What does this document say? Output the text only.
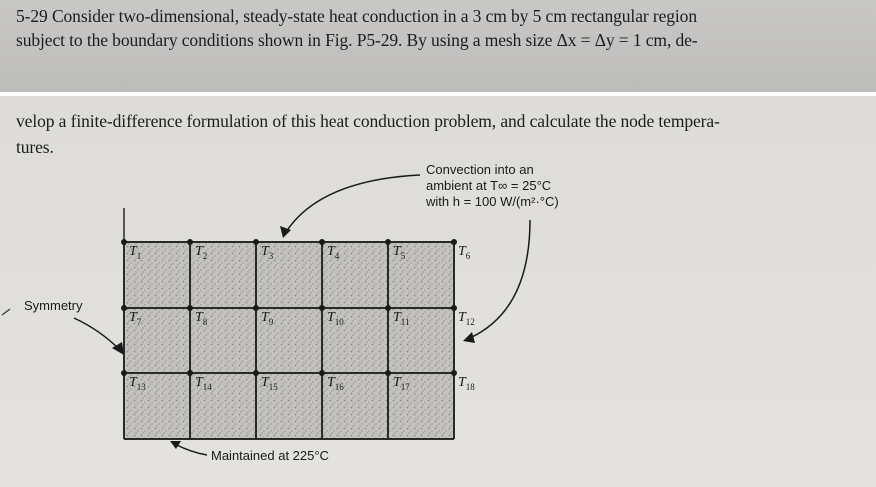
5-29 Consider two-dimensional, steady-state heat conduction in a 3 cm by 5 cm rectangular region
subject to the boundary conditions shown in Fig. P5-29. By using a mesh size Δx = Δy = 1 cm, de-
velop a finite-difference formulation of this heat conduction problem, and calculate the node tempera-
tures.
Convection into an
ambient at T∞ = 25°C
with h = 100 W/(m²·°C)
Symmetry
Maintained at 225°C
$T_1$	$T_2$	$T_3$	$T_4$	$T_5$	$T_6$
$T_7$	$T_8$	$T_9$	$T_{10}$	$T_{11}$	$T_{12}$
$T_{13}$	$T_{14}$	$T_{15}$	$T_{16}$	$T_{17}$	$T_{18}$
